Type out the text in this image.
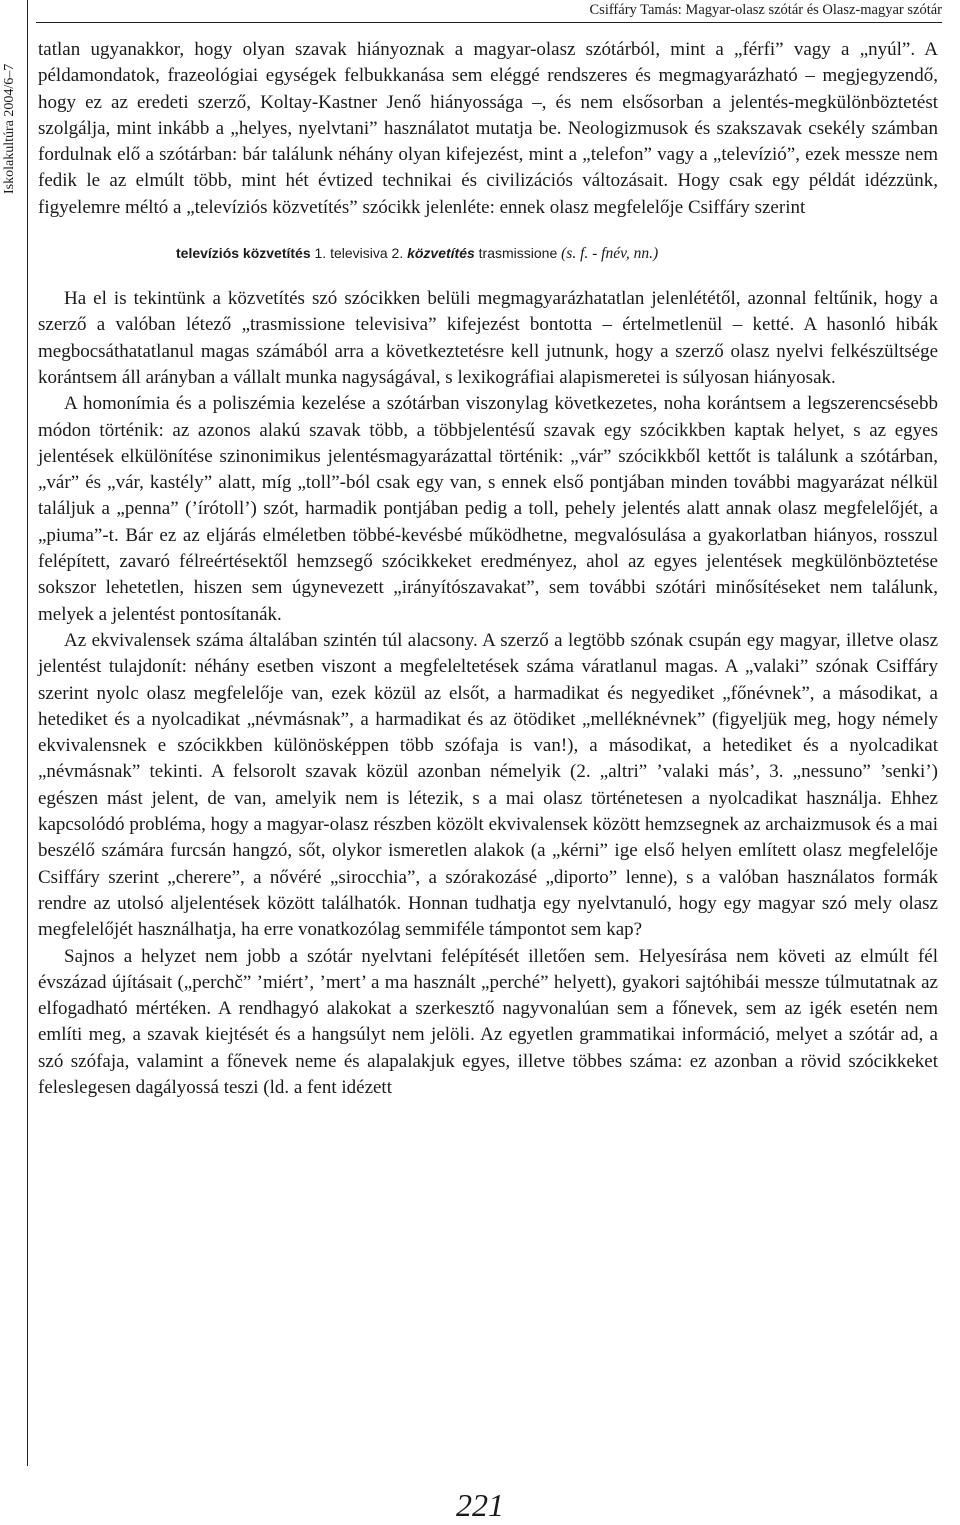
Csiffáry Tamás: Magyar-olasz szótár és Olasz-magyar szótár
Iskolakultúra 2004/6–7

tatlan ugyanakkor, hogy olyan szavak hiányoznak a magyar-olasz szótárból, mint a „férfi” vagy a „nyúl”. A példamondatok, frazeológiai egységek felbukkanása sem eléggé rendszeres és megmagyarázható – megjegyzendő, hogy ez az eredeti szerző, Koltay-Kastner Jenő hiányossága –, és nem elsősorban a jelentés-megkülönböztetést szolgálja, mint inkább a „helyes, nyelvtani” használatot mutatja be. Neologizmusok és szakszavak csekély számban fordulnak elő a szótárban: bár találunk néhány olyan kifejezést, mint a „telefon” vagy a „televízió”, ezek messze nem fedik le az elmúlt több, mint hét évtized technikai és civilizációs változásait. Hogy csak egy példát idézzünk, figyelemre méltó a „televíziós közvetítés” szócikk jelenléte: ennek olasz megfelelője Csiffáry szerint

televíziós közvetítés 1. televisiva 2. közvetítés trasmissione (s. f. - fnév, nn.)

Ha el is tekintünk a közvetítés szó szócikken belüli megmagyarázhatatlan jelenlététől, azonnal feltűnik, hogy a szerző a valóban létező „trasmissione televisiva” kifejezést bontotta – értelmetlenül – ketté. A hasonló hibák megbocsáthatatlanul magas számából arra a következtetésre kell jutnunk, hogy a szerző olasz nyelvi felkészültsége korántsem áll arányban a vállalt munka nagyságával, s lexikográfiai alapismeretei is súlyosan hiányosak.

A homonímia és a poliszémia kezelése a szótárban viszonylag következetes, noha korántsem a legszerencsésebb módon történik: az azonos alakú szavak több, a többjelentésű szavak egy szócikkben kaptak helyet, s az egyes jelentések elkülönítése szinonimikus jelentésmagyarázattal történik: „vár” szócikkből kettőt is találunk a szótárban, „vár” és „vár, kastély” alatt, míg „toll”-ból csak egy van, s ennek első pontjában minden további magyarázat nélkül találjuk a „penna” (’írótoll’) szót, harmadik pontjában pedig a toll, pehely jelentés alatt annak olasz megfelelőjét, a „piuma”-t. Bár ez az eljárás elméletben többé-kevésbé működhetne, megvalósulása a gyakorlatban hiányos, rosszul felépített, zavaró félreértésektől hemzsegő szócikkeket eredményez, ahol az egyes jelentések megkülönböztetése sokszor lehetetlen, hiszen sem úgynevezett „irányítószavakat”, sem további szótári minősítéseket nem találunk, melyek a jelentést pontosítanák.

Az ekvivalensek száma általában szintén túl alacsony. A szerző a legtöbb szónak csupán egy magyar, illetve olasz jelentést tulajdonít: néhány esetben viszont a megfeleltetések száma váratlanul magas. A „valaki” szónak Csiffáry szerint nyolc olasz megfelelője van, ezek közül az elsőt, a harmadikat és negyediket „főnévnek”, a másodikat, a hetediket és a nyolcadikat „névmásnak”, a harmadikat és az ötödiket „melléknévnek” (figyeljük meg, hogy némely ekvivalensnek e szócikkben különösképpen több szófaja is van!), a másodikat, a hetediket és a nyolcadikat „névmásnak” tekinti. A felsorolt szavak közül azonban némelyik (2. „altri” ’valaki más’, 3. „nessuno” ’senki’) egészen mást jelent, de van, amelyik nem is létezik, s a mai olasz történetesen a nyolcadikat használja. Ehhez kapcsolódó probléma, hogy a magyar-olasz részben közölt ekvivalensek között hemzsegnek az archaizmusok és a mai beszélő számára furcsán hangzó, sőt, olykor ismeretlen alakok (a „kérni” ige első helyen említett olasz megfelelője Csiffáry szerint „cherere”, a nővéré „sirocchia”, a szórakozásé „diporto” lenne), s a valóban használatos formák rendre az utolsó aljelentések között találhatók. Honnan tudhatja egy nyelvtanuló, hogy egy magyar szó mely olasz megfelelőjét használhatja, ha erre vonatkozólag semmiféle támpontot sem kap?

Sajnos a helyzet nem jobb a szótár nyelvtani felépítését illetően sem. Helyesírása nem követi az elmúlt fél évszázad újításait („perchč” ’miért’, ’mert’ a ma használt „perché” helyett), gyakori sajtóhibái messze túlmutatnak az elfogadható mértéken. A rendhagyó alakokat a szerkesztő nagyvonalúan sem a főnevek, sem az igék esetén nem említi meg, a szavak kiejtését és a hangsúlyt nem jelöli. Az egyetlen grammatikai információ, melyet a szótár ad, a szó szófaja, valamint a főnevek neme és alapalakjuk egyes, illetve többes száma: ez azonban a rövid szócikkeket feleslegesen dagályossá teszi (ld. a fent idézett

221
